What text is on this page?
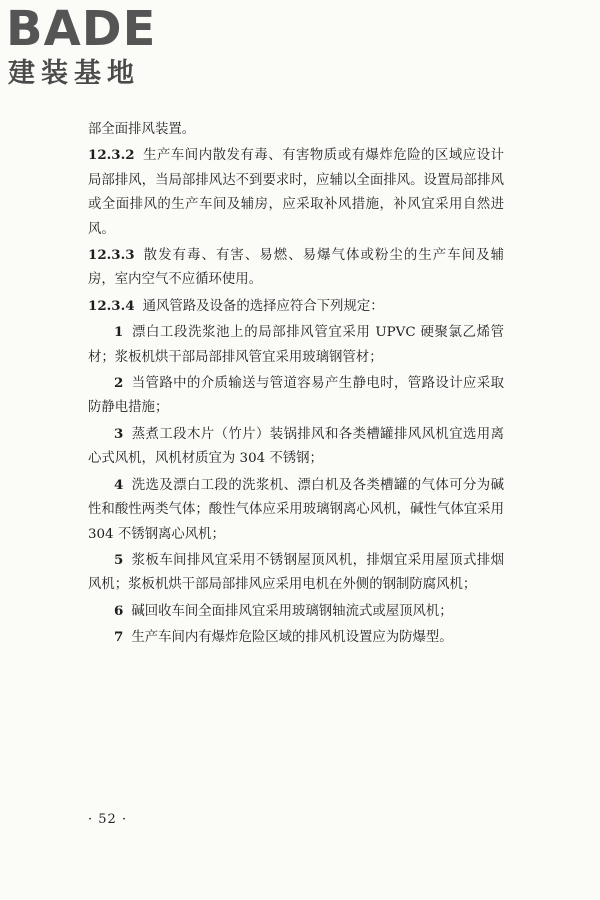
BADE
建装基地

部全面排风装置。

12.3.2 生产车间内散发有毒、有害物质或有爆炸危险的区域应设计局部排风，当局部排风达不到要求时，应辅以全面排风。设置局部排风或全面排风的生产车间及辅房，应采取补风措施，补风宜采用自然进风。

12.3.3 散发有毒、有害、易燃、易爆气体或粉尘的生产车间及辅房，室内空气不应循环使用。

12.3.4 通风管路及设备的选择应符合下列规定：

1 漂白工段洗浆池上的局部排风管宜采用 UPVC 硬聚氯乙烯管材；浆板机烘干部局部排风管宜采用玻璃钢管材；

2 当管路中的介质输送与管道容易产生静电时，管路设计应采取防静电措施；

3 蒸煮工段木片（竹片）装锅排风和各类槽罐排风风机宜选用离心式风机，风机材质宜为 304 不锈钢；

4 洗选及漂白工段的洗浆机、漂白机及各类槽罐的气体可分为碱性和酸性两类气体；酸性气体应采用玻璃钢离心风机，碱性气体宜采用 304 不锈钢离心风机；

5 浆板车间排风宜采用不锈钢屋顶风机，排烟宜采用屋顶式排烟风机；浆板机烘干部局部排风应采用电机在外侧的钢制防腐风机；

6 碱回收车间全面排风宜采用玻璃钢轴流式或屋顶风机；

7 生产车间内有爆炸危险区域的排风机设置应为防爆型。

· 52 ·
